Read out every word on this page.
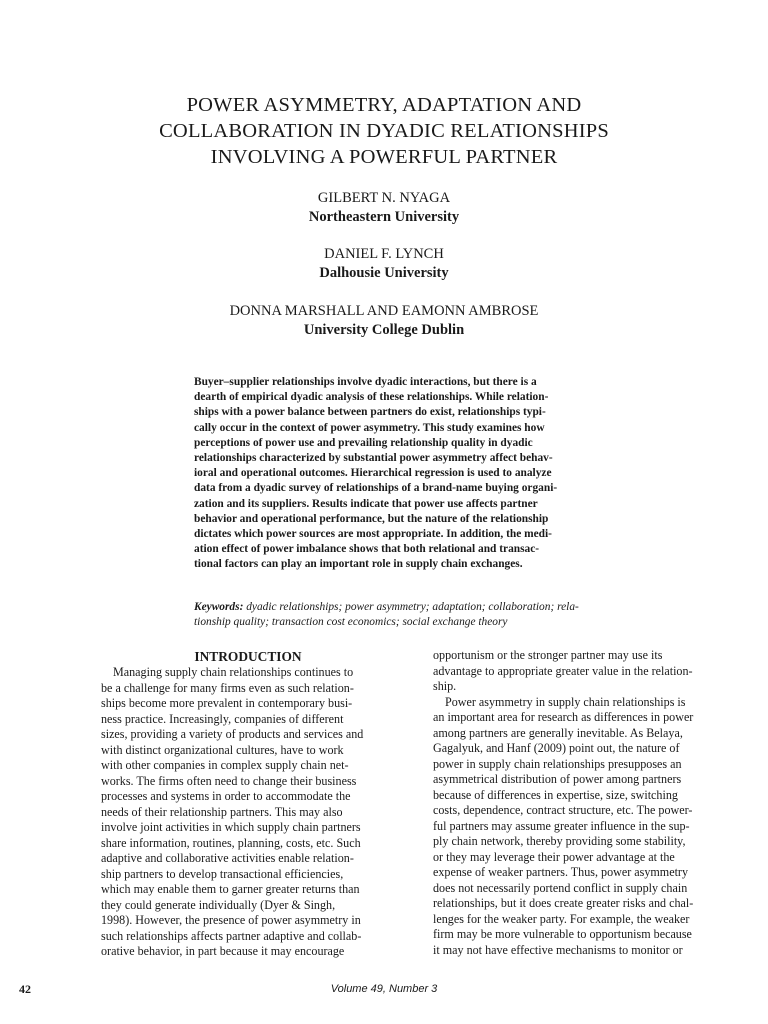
POWER ASYMMETRY, ADAPTATION AND
COLLABORATION IN DYADIC RELATIONSHIPS
INVOLVING A POWERFUL PARTNER
GILBERT N. NYAGA
Northeastern University
DANIEL F. LYNCH
Dalhousie University
DONNA MARSHALL AND EAMONN AMBROSE
University College Dublin
Buyer–supplier relationships involve dyadic interactions, but there is a
dearth of empirical dyadic analysis of these relationships. While relation-
ships with a power balance between partners do exist, relationships typi-
cally occur in the context of power asymmetry. This study examines how
perceptions of power use and prevailing relationship quality in dyadic
relationships characterized by substantial power asymmetry affect behav-
ioral and operational outcomes. Hierarchical regression is used to analyze
data from a dyadic survey of relationships of a brand-name buying organi-
zation and its suppliers. Results indicate that power use affects partner
behavior and operational performance, but the nature of the relationship
dictates which power sources are most appropriate. In addition, the medi-
ation effect of power imbalance shows that both relational and transac-
tional factors can play an important role in supply chain exchanges.
Keywords: dyadic relationships; power asymmetry; adaptation; collaboration; rela-
tionship quality; transaction cost economics; social exchange theory
INTRODUCTION
Managing supply chain relationships continues to
be a challenge for many firms even as such relation-
ships become more prevalent in contemporary busi-
ness practice. Increasingly, companies of different
sizes, providing a variety of products and services and
with distinct organizational cultures, have to work
with other companies in complex supply chain net-
works. The firms often need to change their business
processes and systems in order to accommodate the
needs of their relationship partners. This may also
involve joint activities in which supply chain partners
share information, routines, planning, costs, etc. Such
adaptive and collaborative activities enable relation-
ship partners to develop transactional efficiencies,
which may enable them to garner greater returns than
they could generate individually (Dyer & Singh,
1998). However, the presence of power asymmetry in
such relationships affects partner adaptive and collab-
orative behavior, in part because it may encourage
opportunism or the stronger partner may use its
advantage to appropriate greater value in the relation-
ship.
Power asymmetry in supply chain relationships is
an important area for research as differences in power
among partners are generally inevitable. As Belaya,
Gagalyuk, and Hanf (2009) point out, the nature of
power in supply chain relationships presupposes an
asymmetrical distribution of power among partners
because of differences in expertise, size, switching
costs, dependence, contract structure, etc. The power-
ful partners may assume greater influence in the sup-
ply chain network, thereby providing some stability,
or they may leverage their power advantage at the
expense of weaker partners. Thus, power asymmetry
does not necessarily portend conflict in supply chain
relationships, but it does create greater risks and chal-
lenges for the weaker party. For example, the weaker
firm may be more vulnerable to opportunism because
it may not have effective mechanisms to monitor or
42	Volume 49, Number 3
